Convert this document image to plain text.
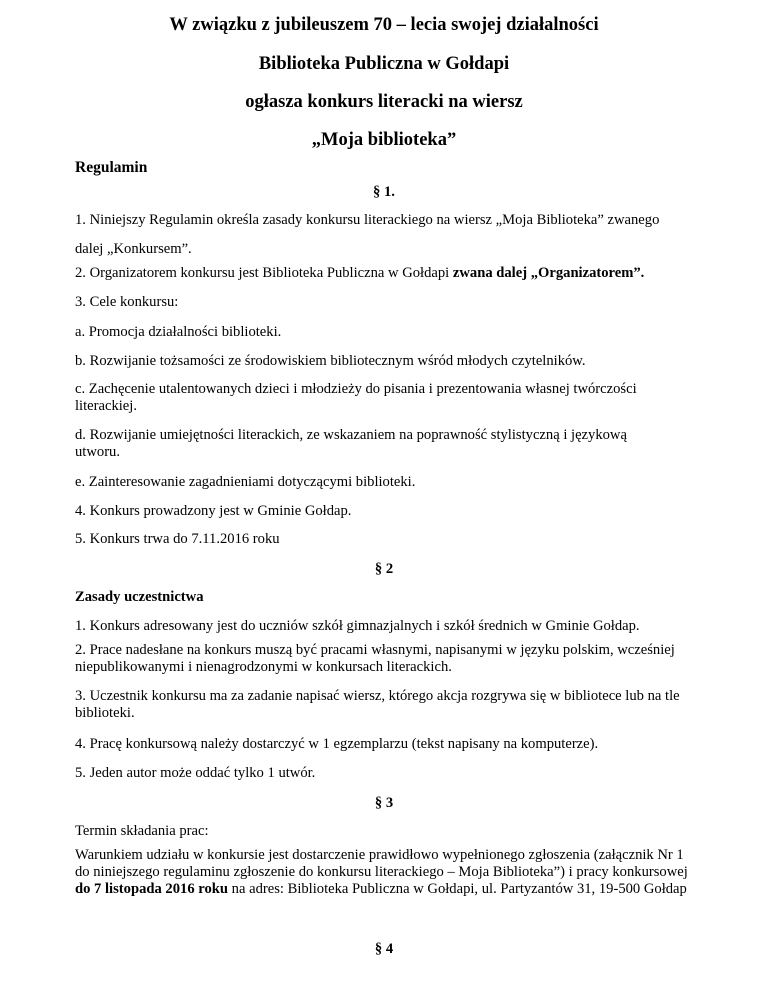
W związku z jubileuszem 70 – lecia swojej działalności
Biblioteka Publiczna w Gołdapi
ogłasza konkurs literacki na wiersz
„Moja biblioteka”
Regulamin
§ 1.
1. Niniejszy Regulamin określa zasady konkursu literackiego na wiersz „Moja Biblioteka” zwanego
dalej „Konkursem”.
2. Organizatorem konkursu jest Biblioteka Publiczna w Gołdapi zwana dalej „Organizatorem”.
3. Cele konkursu:
a. Promocja działalności biblioteki.
b. Rozwijanie tożsamości ze środowiskiem bibliotecznym wśród młodych czytelników.
c. Zachęcenie utalentowanych dzieci i młodzieży do pisania i prezentowania własnej twórczości literackiej.
d. Rozwijanie umiejętności literackich, ze wskazaniem na poprawność stylistyczną i językową utworu.
e. Zainteresowanie zagadnieniami dotyczącymi biblioteki.
4. Konkurs prowadzony jest w Gminie Gołdap.
5. Konkurs trwa do 7.11.2016 roku
§ 2
Zasady uczestnictwa
1. Konkurs adresowany jest do uczniów szkół gimnazjalnych i szkół średnich w Gminie Gołdap.
2. Prace nadesłane na konkurs muszą być pracami własnymi, napisanymi w języku polskim, wcześniej niepublikowanymi i nienagrodzonymi w konkursach literackich.
3. Uczestnik konkursu ma za zadanie napisać wiersz, którego akcja rozgrywa się w bibliotece lub na tle biblioteki.
4. Pracę konkursową należy dostarczyć w 1 egzemplarzu (tekst napisany na komputerze).
5. Jeden autor może oddać tylko 1 utwór.
§ 3
Termin składania prac:
Warunkiem udziału w konkursie jest dostarczenie prawidłowo wypełnionego zgłoszenia (załącznik Nr 1 do niniejszego regulaminu zgłoszenie do konkursu literackiego – Moja Biblioteka”) i pracy konkursowej do 7 listopada 2016 roku na adres: Biblioteka Publiczna w Gołdapi, ul. Partyzantów 31, 19-500 Gołdap
§ 4
